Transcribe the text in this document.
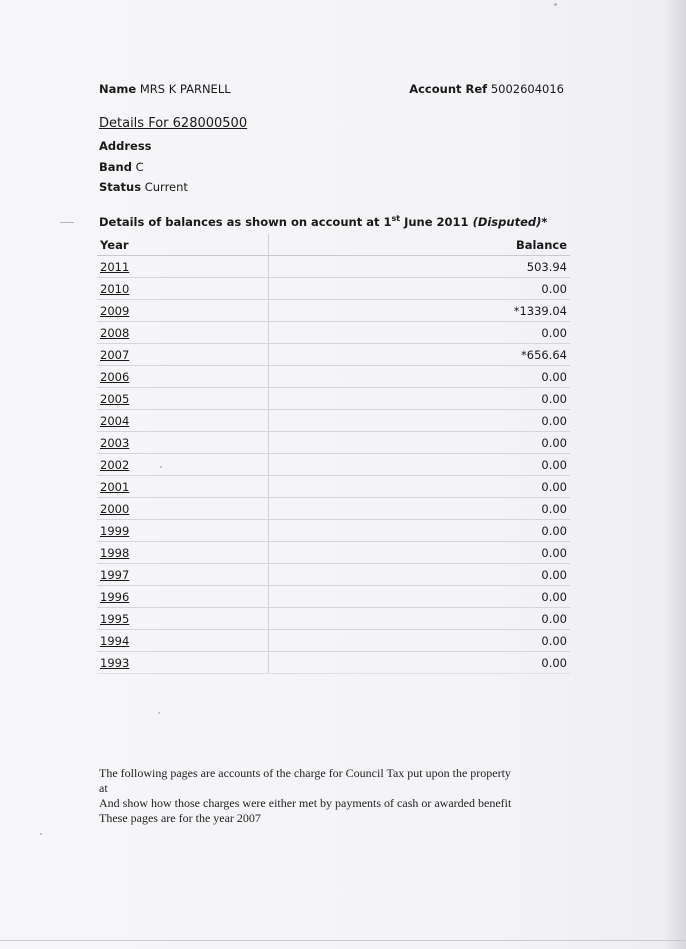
Name MRS K PARNELL	Account Ref 5002604016
Details For 628000500
Address
Band C
Status Current
Details of balances as shown on account at 1st June 2011 (Disputed)*
Year	Balance
2011	503.94
2010	0.00
2009	*1339.04
2008	0.00
2007	*656.64
2006	0.00
2005	0.00
2004	0.00
2003	0.00
2002	0.00
2001	0.00
2000	0.00
1999	0.00
1998	0.00
1997	0.00
1996	0.00
1995	0.00
1994	0.00
1993	0.00
The following pages are accounts of the charge for Council Tax put upon the property
at
And show how those charges were either met by payments of cash or awarded benefit
These pages are for the year 2007
